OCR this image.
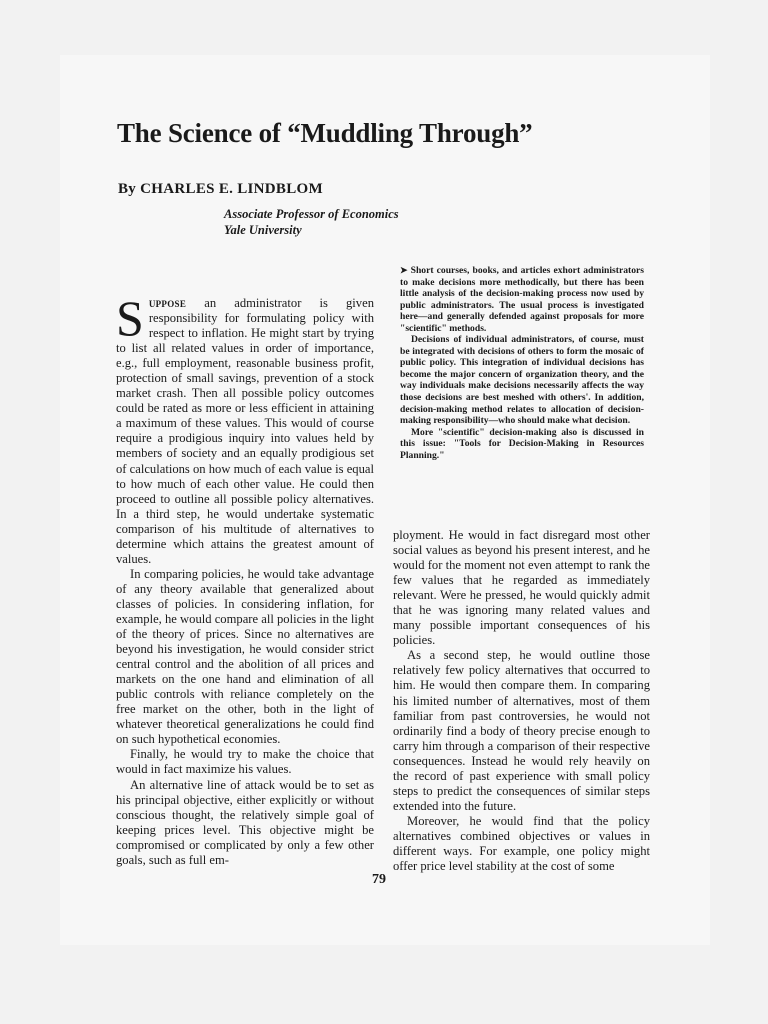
The Science of “Muddling Through”
By CHARLES E. LINDBLOM
Associate Professor of Economics
Yale University

➤ Short courses, books, and articles exhort administrators to make decisions more methodically, but there has been little analysis of the decision-making process now used by public administrators. The usual process is investigated here—and generally defended against proposals for more "scientific" methods.

Decisions of individual administrators, of course, must be integrated with decisions of others to form the mosaic of public policy. This integration of individual decisions has become the major concern of organization theory, and the way individuals make decisions necessarily affects the way those decisions are best meshed with others'. In addition, decision-making method relates to allocation of decision-making responsibility—who should make what decision.

More "scientific" decision-making also is discussed in this issue: "Tools for Decision-Making in Resources Planning."

Suppose an administrator is given responsibility for formulating policy with respect to inflation. He might start by trying to list all related values in order of importance, e.g., full employment, reasonable business profit, protection of small savings, prevention of a stock market crash. Then all possible policy outcomes could be rated as more or less efficient in attaining a maximum of these values. This would of course require a prodigious inquiry into values held by members of society and an equally prodigious set of calculations on how much of each value is equal to how much of each other value. He could then proceed to outline all possible policy alternatives. In a third step, he would undertake systematic comparison of his multitude of alternatives to determine which attains the greatest amount of values.

In comparing policies, he would take advantage of any theory available that generalized about classes of policies. In considering inflation, for example, he would compare all policies in the light of the theory of prices. Since no alternatives are beyond his investigation, he would consider strict central control and the abolition of all prices and markets on the one hand and elimination of all public controls with reliance completely on the free market on the other, both in the light of whatever theoretical generalizations he could find on such hypothetical economies.

Finally, he would try to make the choice that would in fact maximize his values.

An alternative line of attack would be to set as his principal objective, either explicitly or without conscious thought, the relatively simple goal of keeping prices level. This objective might be compromised or complicated by only a few other goals, such as full em-

ployment. He would in fact disregard most other social values as beyond his present interest, and he would for the moment not even attempt to rank the few values that he regarded as immediately relevant. Were he pressed, he would quickly admit that he was ignoring many related values and many possible important consequences of his policies.

As a second step, he would outline those relatively few policy alternatives that occurred to him. He would then compare them. In comparing his limited number of alternatives, most of them familiar from past controversies, he would not ordinarily find a body of theory precise enough to carry him through a comparison of their respective consequences. Instead he would rely heavily on the record of past experience with small policy steps to predict the consequences of similar steps extended into the future.

Moreover, he would find that the policy alternatives combined objectives or values in different ways. For example, one policy might offer price level stability at the cost of some

79
